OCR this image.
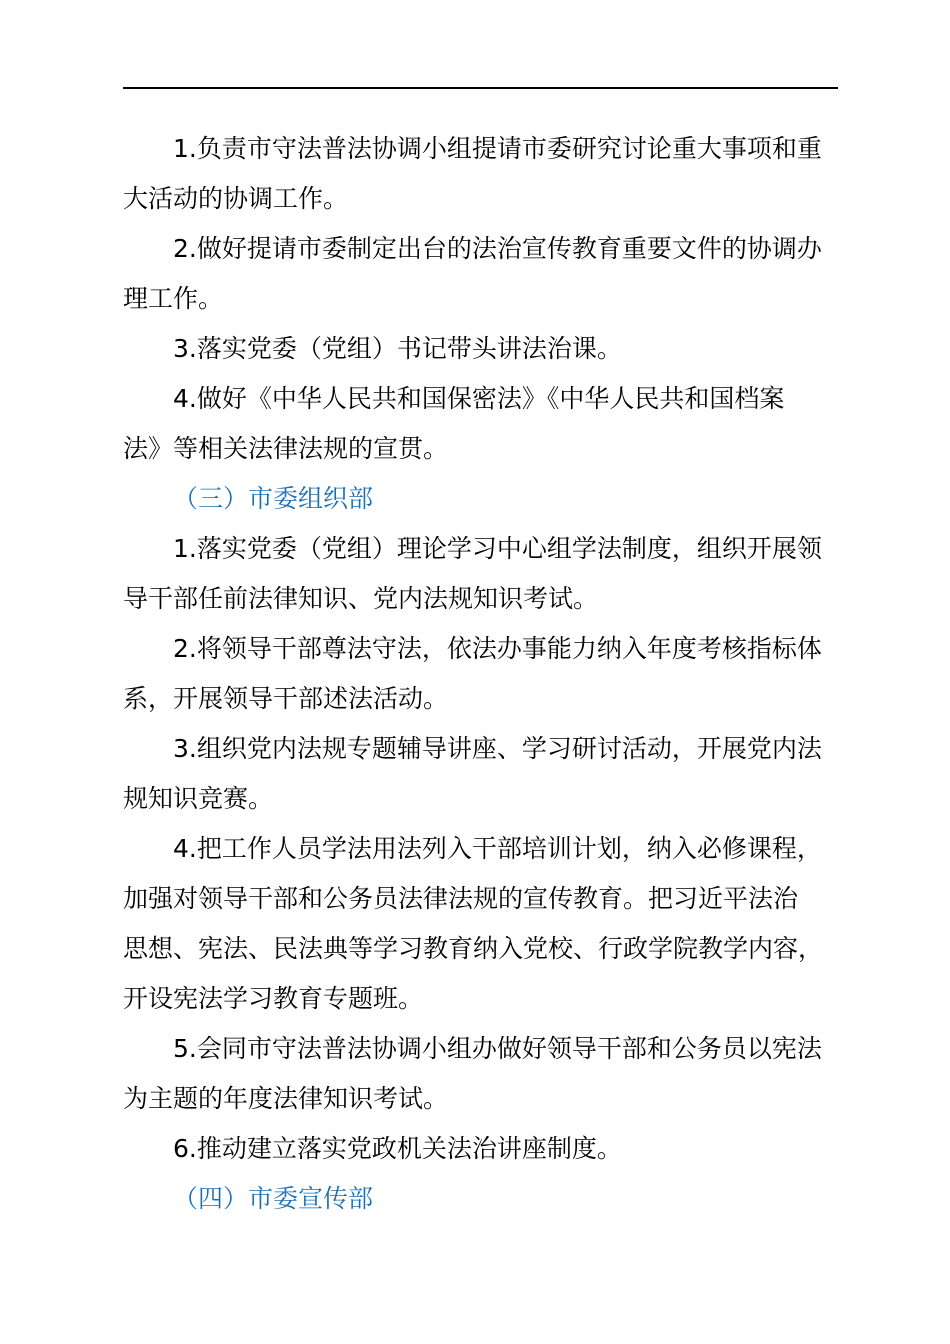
1.负责市守法普法协调小组提请市委研究讨论重大事项和重
大活动的协调工作。
2.做好提请市委制定出台的法治宣传教育重要文件的协调办
理工作。
3.落实党委（党组）书记带头讲法治课。
4.做好《中华人民共和国保密法》《中华人民共和国档案
法》等相关法律法规的宣贯。
（三）市委组织部
1.落实党委（党组）理论学习中心组学法制度，组织开展领
导干部任前法律知识、党内法规知识考试。
2.将领导干部尊法守法，依法办事能力纳入年度考核指标体
系，开展领导干部述法活动。
3.组织党内法规专题辅导讲座、学习研讨活动，开展党内法
规知识竞赛。
4.把工作人员学法用法列入干部培训计划，纳入必修课程，
加强对领导干部和公务员法律法规的宣传教育。把习近平法治
思想、宪法、民法典等学习教育纳入党校、行政学院教学内容，
开设宪法学习教育专题班。
5.会同市守法普法协调小组办做好领导干部和公务员以宪法
为主题的年度法律知识考试。
6.推动建立落实党政机关法治讲座制度。
（四）市委宣传部
